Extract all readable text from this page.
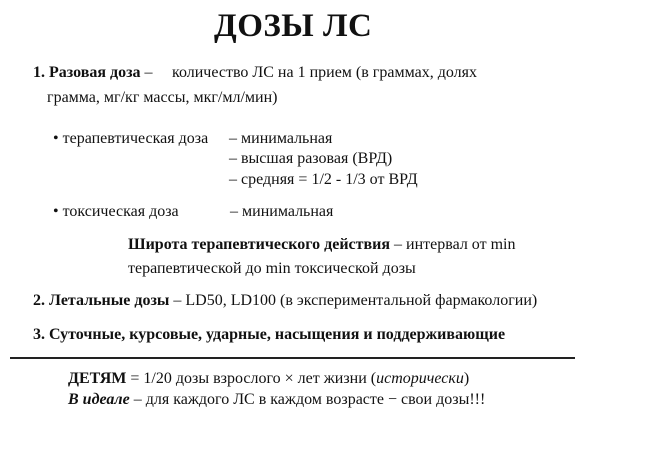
ДОЗЫ ЛС
1. Разовая доза – количество ЛС на 1 прием (в граммах, долях
грамма, мг/кг массы, мкг/мл/мин)
• терапевтическая доза – минимальная
– высшая разовая (ВРД)
– средняя = 1/2 - 1/3 от ВРД
• токсическая доза	– минимальная
Широта терапевтического действия – интервал от min
терапевтической до min токсической дозы
2. Летальные дозы – LD50, LD100 (в экспериментальной фармакологии)
3. Суточные, курсовые, ударные, насыщения и поддерживающие
ДЕТЯМ = 1/20 дозы взрослого × лет жизни (исторически)
В идеале – для каждого ЛС в каждом возрасте − свои дозы!!!
